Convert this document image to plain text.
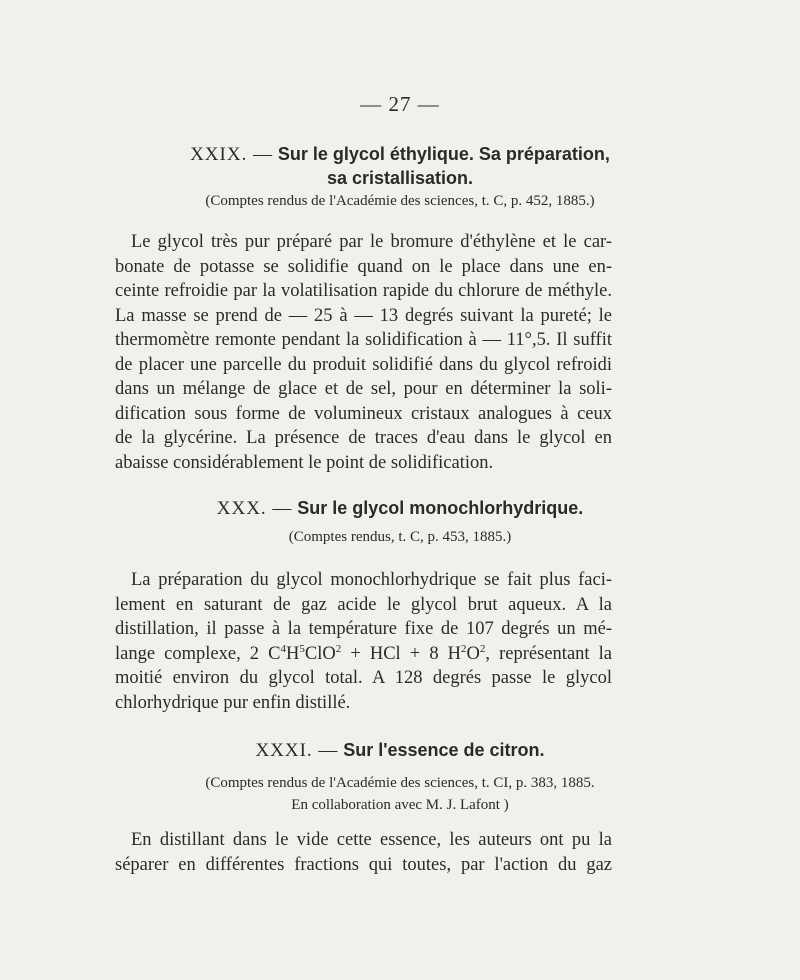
— 27 —
XXIX. — Sur le glycol éthylique. Sa préparation,
sa cristallisation.
(Comptes rendus de l'Académie des sciences, t. C, p. 452, 1885.)
Le glycol très pur préparé par le bromure d'éthylène et le car-
bonate de potasse se solidifie quand on le place dans une en-
ceinte refroidie par la volatilisation rapide du chlorure de méthyle.
La masse se prend de — 25 à — 13 degrés suivant la pureté; le
thermomètre remonte pendant la solidification à — 11°,5. Il suffit
de placer une parcelle du produit solidifié dans du glycol refroidi
dans un mélange de glace et de sel, pour en déterminer la soli-
dification sous forme de volumineux cristaux analogues à ceux
de la glycérine. La présence de traces d'eau dans le glycol en
abaisse considérablement le point de solidification.
XXX. — Sur le glycol monochlorhydrique.
(Comptes rendus, t. C, p. 453, 1885.)
La préparation du glycol monochlorhydrique se fait plus faci-
lement en saturant de gaz acide le glycol brut aqueux. A la
distillation, il passe à la température fixe de 107 degrés un mé-
lange complexe, 2 $C^4H^5ClO^2$ + HCl + 8 $H^2O^2$, représentant la
moitié environ du glycol total. A 128 degrés passe le glycol
chlorhydrique pur enfin distillé.
XXXI. — Sur l'essence de citron.
(Comptes rendus de l'Académie des sciences, t. CI, p. 383, 1885.
En collaboration avec M. J. Lafont )
En distillant dans le vide cette essence, les auteurs ont pu la
séparer en différentes fractions qui toutes, par l'action du gaz
